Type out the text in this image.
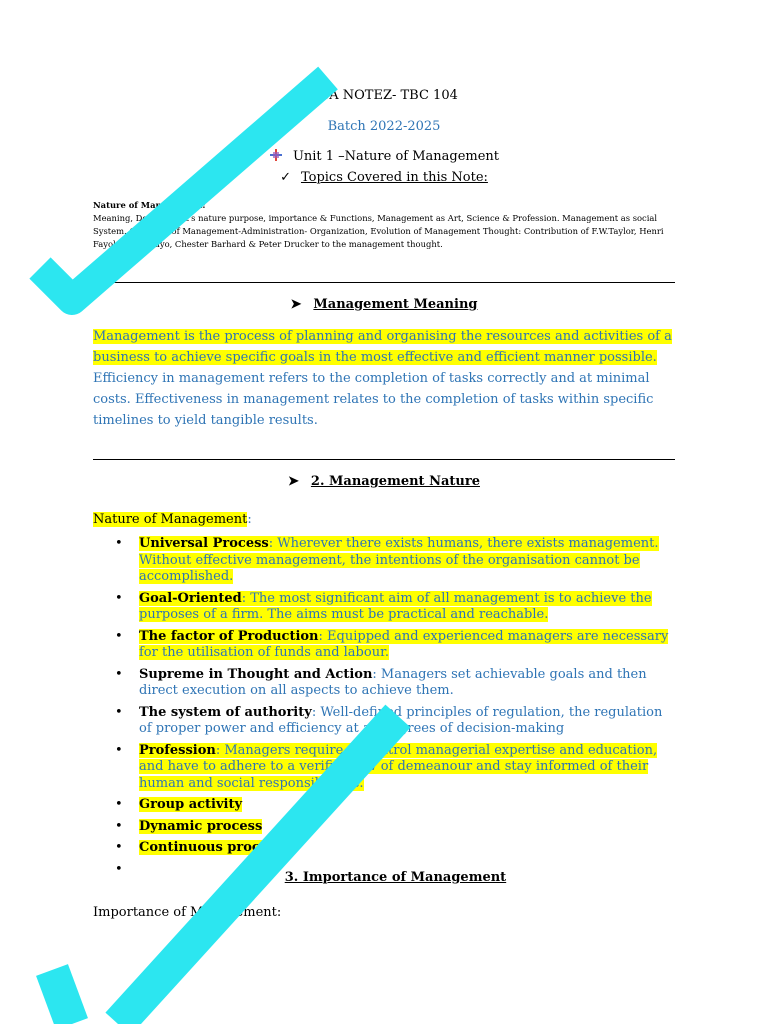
BBA NOTEZ- TBC 104
Batch 2022-2025
Unit 1 –Nature of Management
✓ Topics Covered in this Note:
Nature of Management:
Meaning, Definition, it's nature purpose, importance & Functions, Management as Art, Science & Profession. Management as social System. Concepts of Management-Administration- Organization, Evolution of Management Thought: Contribution of F.W.Taylor, Henri Fayol, Elton Mayo, Chester Barhard & Peter Drucker to the management thought.
➤ Management Meaning
Management is the process of planning and organising the resources and activities of a business to achieve specific goals in the most effective and efficient manner possible. Efficiency in management refers to the completion of tasks correctly and at minimal costs. Effectiveness in management relates to the completion of tasks within specific timelines to yield tangible results.
➤ 2. Management Nature
Nature of Management:
• Universal Process: Wherever there exists humans, there exists management. Without effective management, the intentions of the organisation cannot be accomplished.
• Goal-Oriented: The most significant aim of all management is to achieve the purposes of a firm. The aims must be practical and reachable.
• The factor of Production: Equipped and experienced managers are necessary for the utilisation of funds and labour.
• Supreme in Thought and Action: Managers set achievable goals and then direct execution on all aspects to achieve them.
• The system of authority: Well-defined principles of regulation, the regulation of proper power and efficiency at all degrees of decision-making
• Profession: Managers require to control managerial expertise and education, and have to adhere to a verified law of demeanour and stay informed of their human and social responsibilities.
• Group activity
• Dynamic process
• Continuous process
•
➤ 3. Importance of Management
Importance of Management:
